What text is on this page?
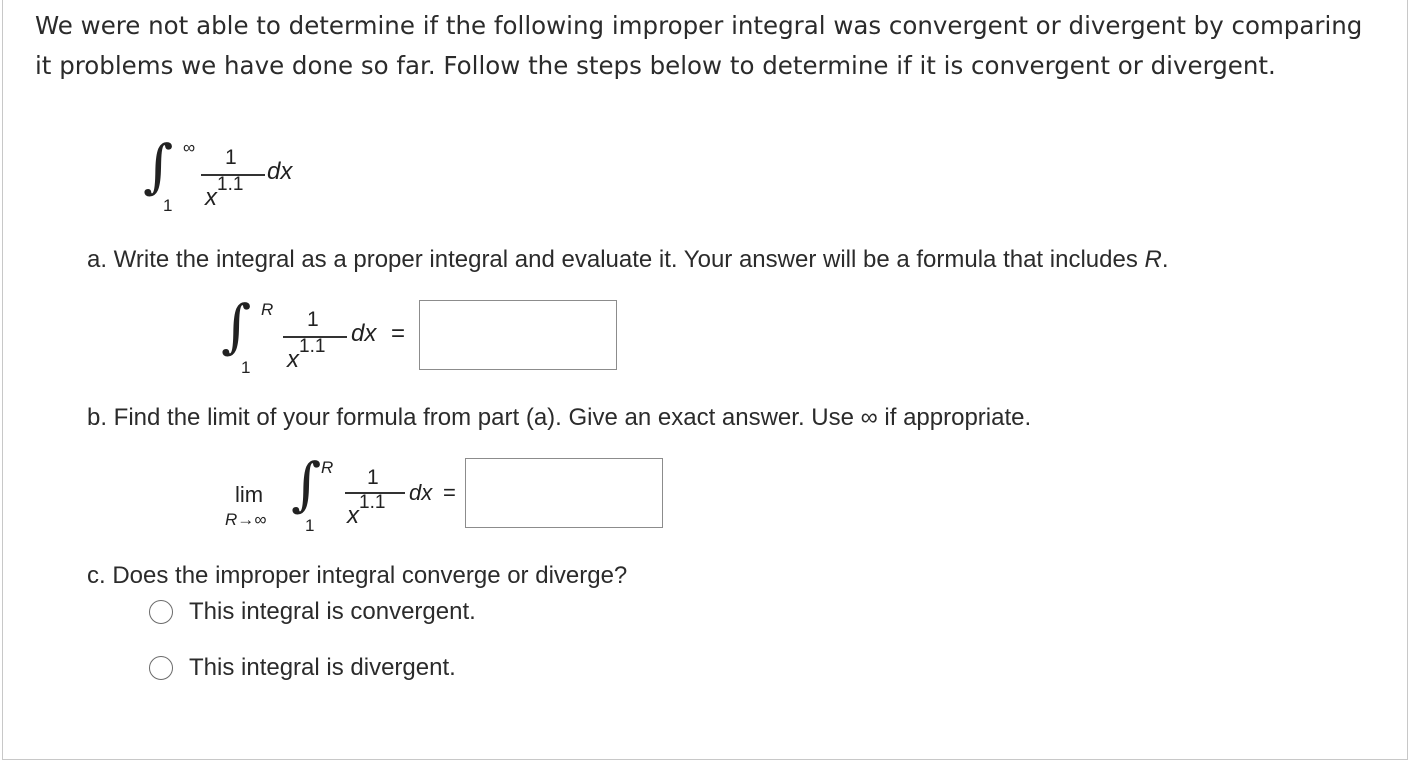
We were not able to determine if the following improper integral was convergent or divergent by comparing it problems we have done so far. Follow the steps below to determine if it is convergent or divergent.
∫ ∞
1
1
$x^{1.1}$ dx
a. Write the integral as a proper integral and evaluate it. Your answer will be a formula that includes R.
∫ R
1
1
$x^{1.1}$ dx =
b. Find the limit of your formula from part (a). Give an exact answer. Use ∞ if appropriate.
lim
R→∞
∫ R
1
1
$x^{1.1}$ dx =
c. Does the improper integral converge or diverge?
This integral is convergent.
This integral is divergent.
